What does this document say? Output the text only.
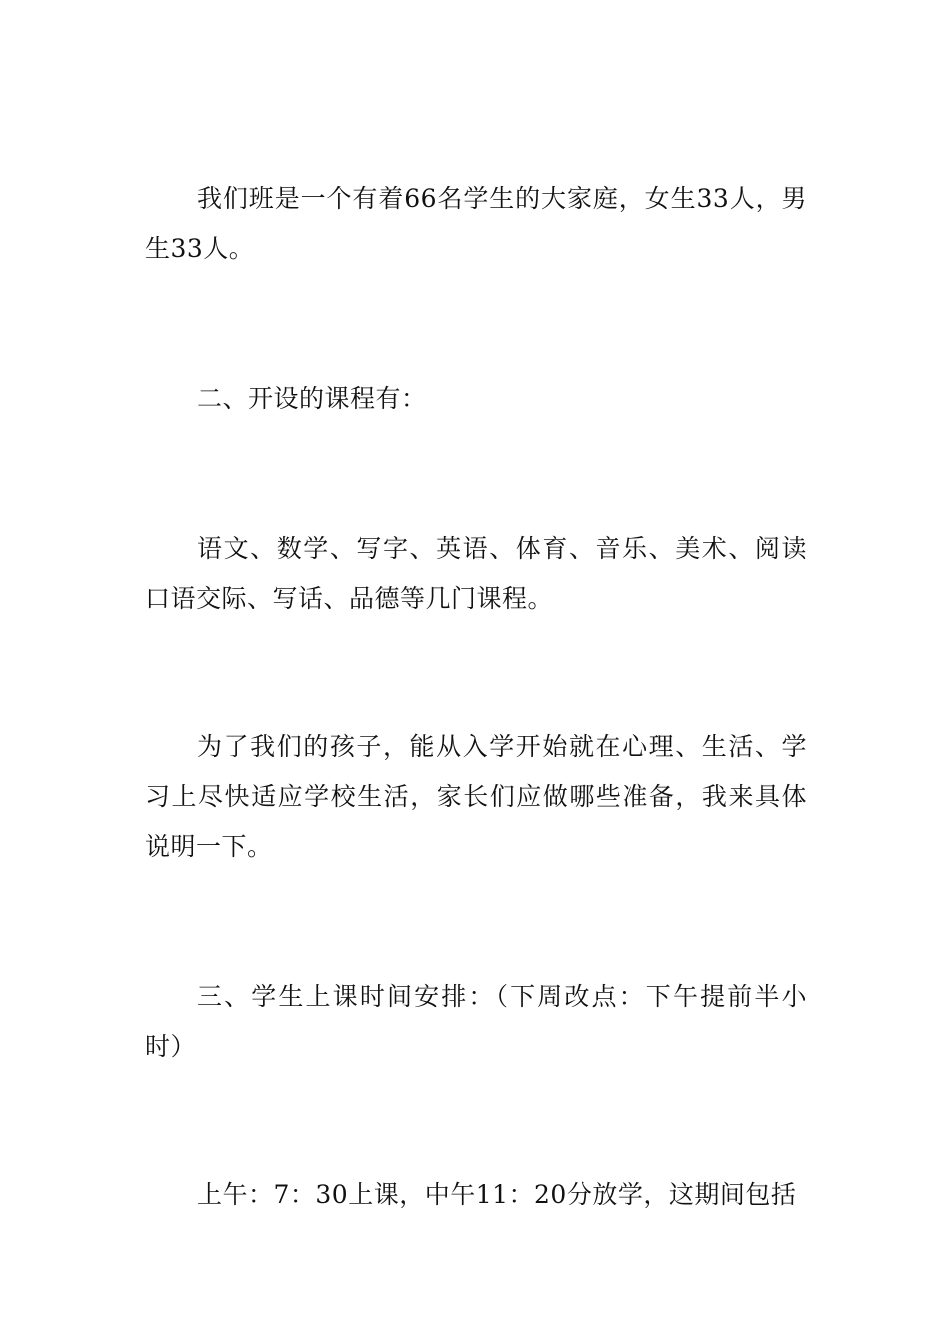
我们班是一个有着66名学生的大家庭，女生33人，男生33人。

二、开设的课程有：

语文、数学、写字、英语、体育、音乐、美术、阅读口语交际、写话、品德等几门课程。

为了我们的孩子，能从入学开始就在心理、生活、学习上尽快适应学校生活，家长们应做哪些准备，我来具体说明一下。

三、学生上课时间安排：（下周改点：下午提前半小时）

上午：7：30上课，中午11：20分放学，这期间包括
